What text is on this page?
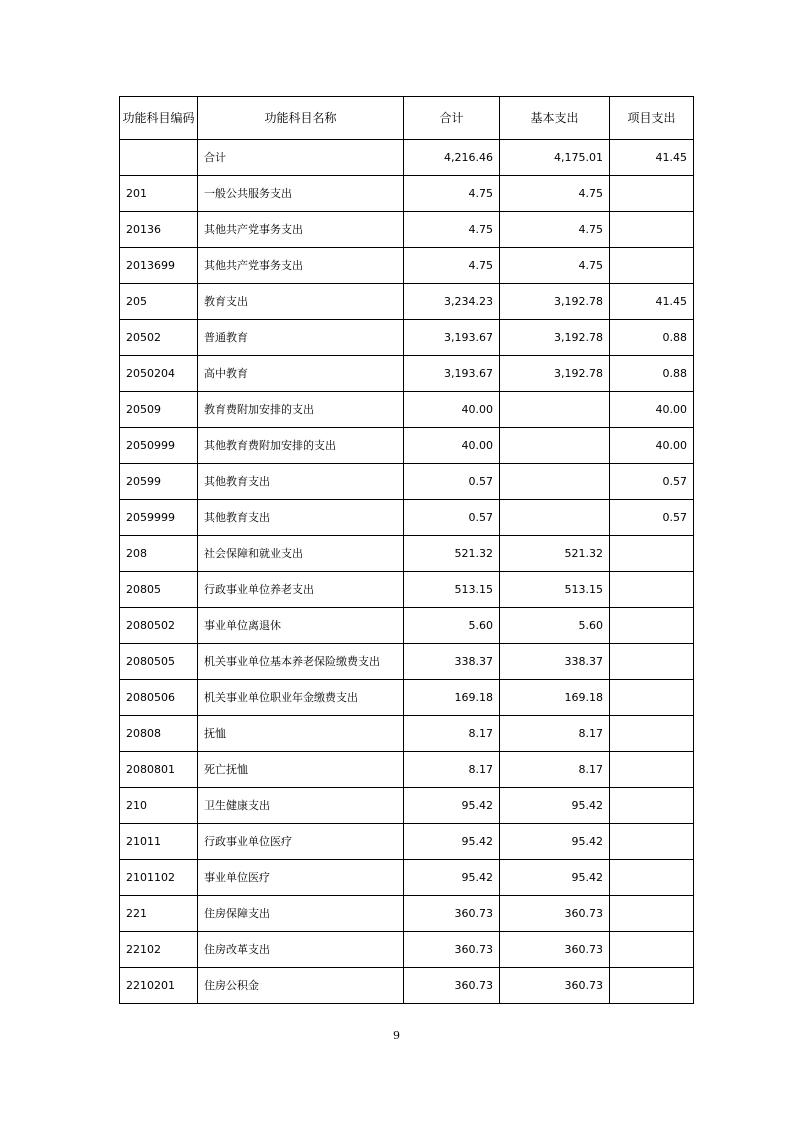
功能科目编码	功能科目名称	合计	基本支出	项目支出
	合计	4,216.46	4,175.01	41.45
201	一般公共服务支出	4.75	4.75	
20136	其他共产党事务支出	4.75	4.75	
2013699	其他共产党事务支出	4.75	4.75	
205	教育支出	3,234.23	3,192.78	41.45
20502	普通教育	3,193.67	3,192.78	0.88
2050204	高中教育	3,193.67	3,192.78	0.88
20509	教育费附加安排的支出	40.00		40.00
2050999	其他教育费附加安排的支出	40.00		40.00
20599	其他教育支出	0.57		0.57
2059999	其他教育支出	0.57		0.57
208	社会保障和就业支出	521.32	521.32	
20805	行政事业单位养老支出	513.15	513.15	
2080502	事业单位离退休	5.60	5.60	
2080505	机关事业单位基本养老保险缴费支出	338.37	338.37	
2080506	机关事业单位职业年金缴费支出	169.18	169.18	
20808	抚恤	8.17	8.17	
2080801	死亡抚恤	8.17	8.17	
210	卫生健康支出	95.42	95.42	
21011	行政事业单位医疗	95.42	95.42	
2101102	事业单位医疗	95.42	95.42	
221	住房保障支出	360.73	360.73	
22102	住房改革支出	360.73	360.73	
2210201	住房公积金	360.73	360.73	
9
